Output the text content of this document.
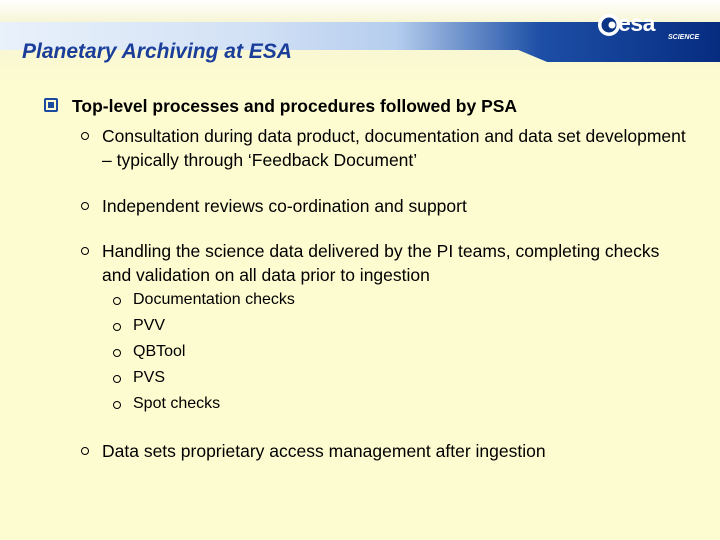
esa
SCIENCE
Planetary Archiving at ESA

Top-level processes and procedures followed by PSA

Consultation during data product, documentation and data set development – typically through ‘Feedback Document’

Independent reviews co-ordination and support

Handling the science data delivered by the PI teams, completing checks and validation on all data prior to ingestion

Documentation checks

PVV

QBTool

PVS

Spot checks

Data sets proprietary access management after ingestion
